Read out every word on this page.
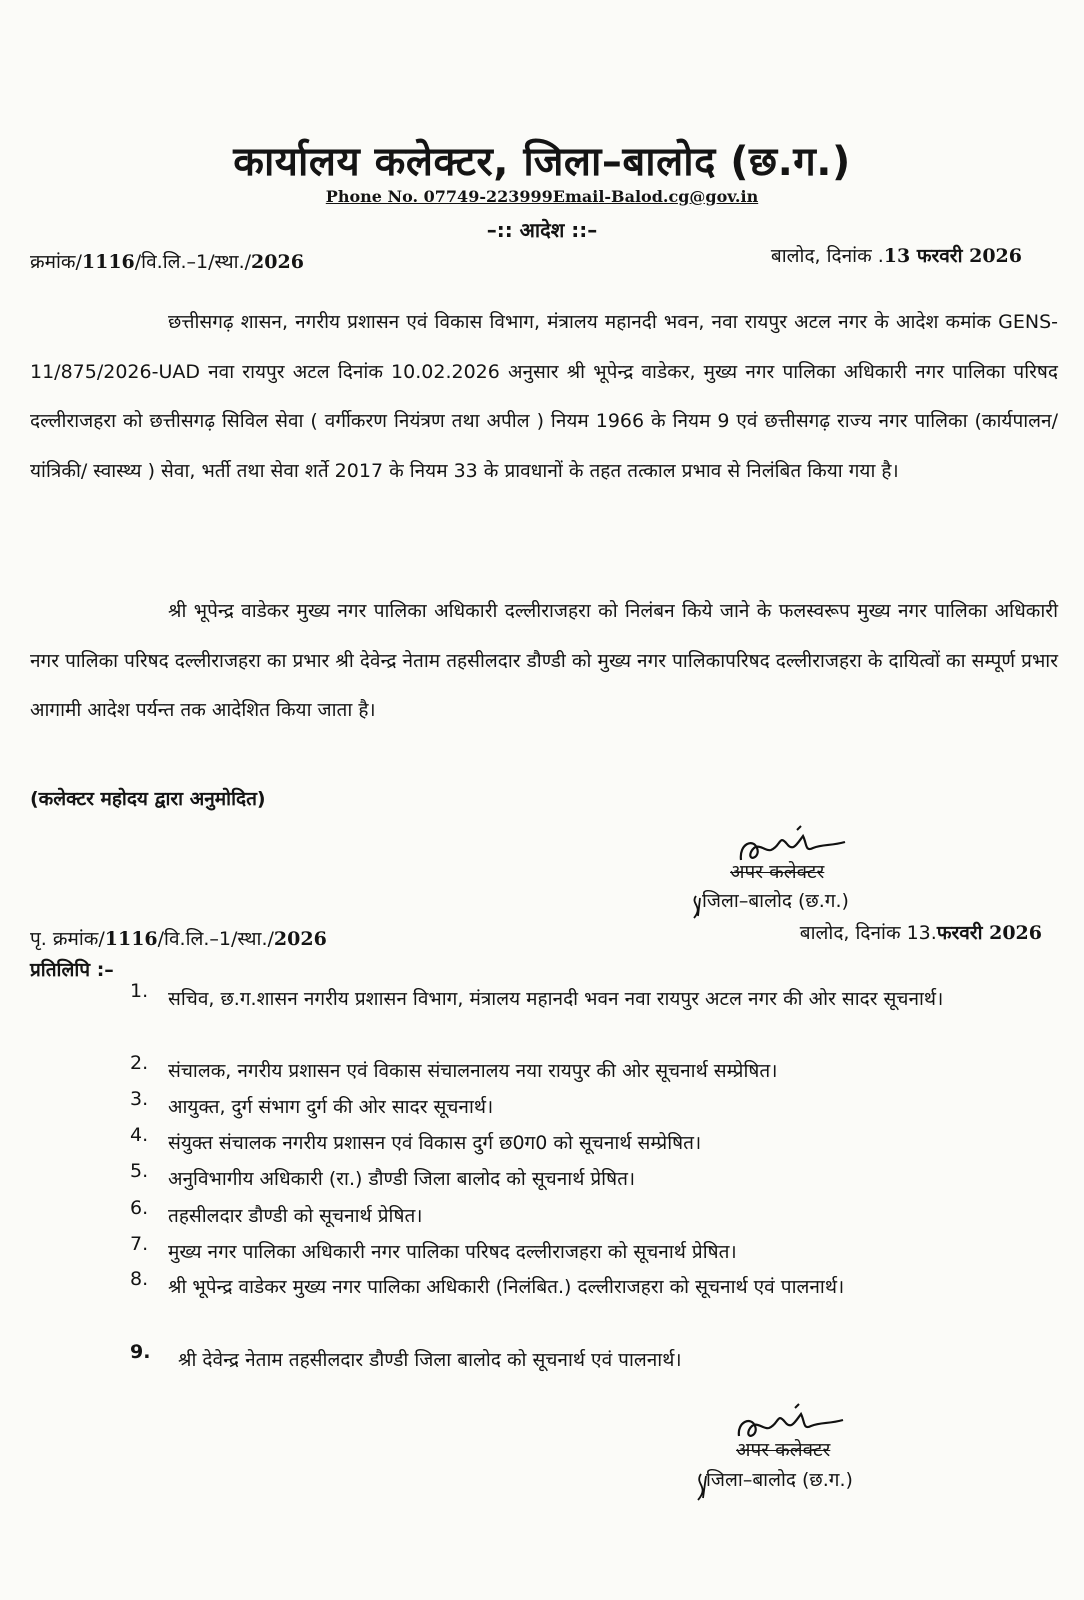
कार्यालय कलेक्टर, जिला–बालोद (छ.ग.)
Phone No. 07749-223999Email-Balod.cg@gov.in
–:: आदेश ::–
क्रमांक/1116/वि.लि.–1/स्था./2026	बालोद, दिनांक .13 फरवरी 2026

छत्तीसगढ़ शासन, नगरीय प्रशासन एवं विकास विभाग, मंत्रालय महानदी भवन, नवा रायपुर अटल नगर के आदेश कमांक GENS-11/875/2026-UAD नवा रायपुर अटल दिनांक 10.02.2026 अनुसार श्री भूपेन्द्र वाडेकर, मुख्य नगर पालिका अधिकारी नगर पालिका परिषद दल्लीराजहरा को छत्तीसगढ़ सिविल सेवा ( वर्गीकरण नियंत्रण तथा अपील ) नियम 1966 के नियम 9 एवं छत्तीसगढ़ राज्य नगर पालिका (कार्यपालन/यांत्रिकी/ स्वास्थ्य ) सेवा, भर्ती तथा सेवा शर्ते 2017 के नियम 33 के प्रावधानों के तहत तत्काल प्रभाव से निलंबित किया गया है।

श्री भूपेन्द्र वाडेकर मुख्य नगर पालिका अधिकारी दल्लीराजहरा को निलंबन किये जाने के फलस्वरूप मुख्य नगर पालिका अधिकारी नगर पालिका परिषद दल्लीराजहरा का प्रभार श्री देवेन्द्र नेताम तहसीलदार डौण्डी को मुख्य नगर पालिकापरिषद दल्लीराजहरा के दायित्वों का सम्पूर्ण प्रभार आगामी आदेश पर्यन्त तक आदेशित किया जाता है।

(कलेक्टर महोदय द्वारा अनुमोदित)
अपर कलेक्टर
जिला–बालोद (छ.ग.)
पृ. क्रमांक/1116/वि.लि.–1/स्था./2026	बालोद, दिनांक 13.फरवरी 2026
प्रतिलिपि :–
1. सचिव, छ.ग.शासन नगरीय प्रशासन विभाग, मंत्रालय महानदी भवन नवा रायपुर अटल नगर की ओर सादर सूचनार्थ।
2. संचालक, नगरीय प्रशासन एवं विकास संचालनालय नया रायपुर की ओर सूचनार्थ सम्प्रेषित।
3. आयुक्त, दुर्ग संभाग दुर्ग की ओर सादर सूचनार्थ।
4. संयुक्त संचालक नगरीय प्रशासन एवं विकास दुर्ग छ0ग0 को सूचनार्थ सम्प्रेषित।
5. अनुविभागीय अधिकारी (रा.) डौण्डी जिला बालोद को सूचनार्थ प्रेषित।
6. तहसीलदार डौण्डी को सूचनार्थ प्रेषित।
7. मुख्य नगर पालिका अधिकारी नगर पालिका परिषद दल्लीराजहरा को सूचनार्थ प्रेषित।
8. श्री भूपेन्द्र वाडेकर मुख्य नगर पालिका अधिकारी (निलंबित.) दल्लीराजहरा को सूचनार्थ एवं पालनार्थ।
9. श्री देवेन्द्र नेताम तहसीलदार डौण्डी जिला बालोद को सूचनार्थ एवं पालनार्थ।
अपर कलेक्टर
जिला–बालोद (छ.ग.)
